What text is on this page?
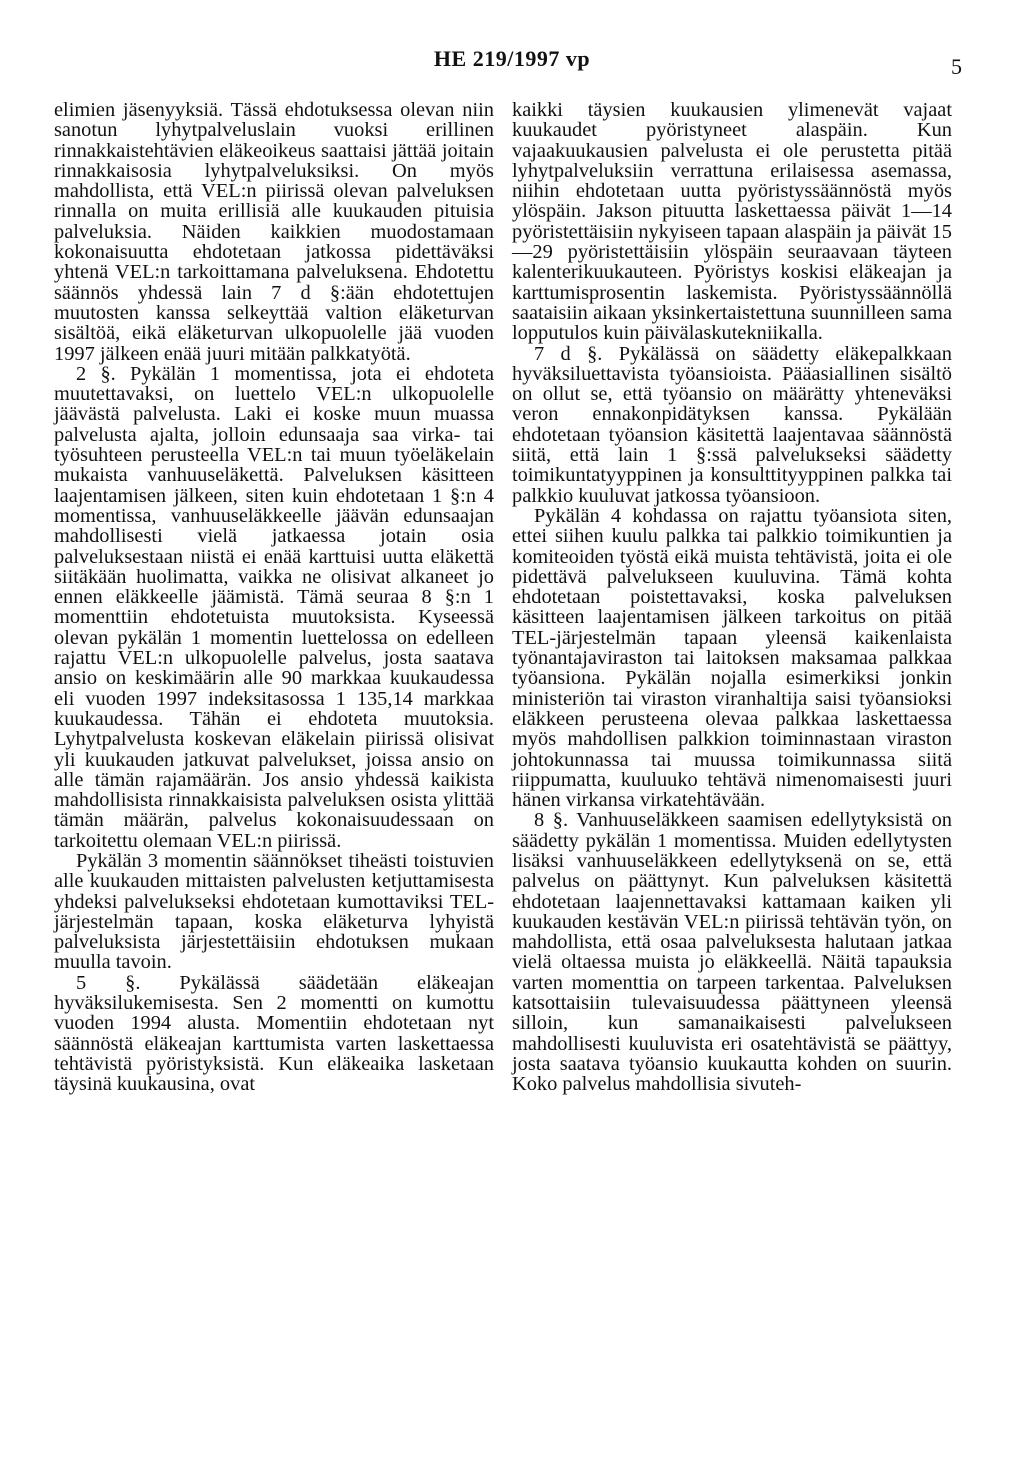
HE 219/1997 vp	5

elimien jäsenyyksiä. Tässä ehdotuksessa olevan niin sanotun lyhytpalveluslain vuoksi erillinen rinnakkaistehtävien eläkeoikeus saattaisi jättää joitain rinnakkaisosia lyhytpalveluksiksi. On myös mahdollista, että VEL:n piirissä olevan palveluksen rinnalla on muita erillisiä alle kuukauden pituisia palveluksia. Näiden kaikkien muodostamaan kokonaisuutta ehdotetaan jatkossa pidettäväksi yhtenä VEL:n tarkoittamana palveluksena. Ehdotettu säännös yhdessä lain 7 d §:ään ehdotettujen muutosten kanssa selkeyttää valtion eläketurvan sisältöä, eikä eläketurvan ulkopuolelle jää vuoden 1997 jälkeen enää juuri mitään palkkatyötä.

2 §. Pykälän 1 momentissa, jota ei ehdoteta muutettavaksi, on luettelo VEL:n ulkopuolelle jäävästä palvelusta. Laki ei koske muun muassa palvelusta ajalta, jolloin edunsaaja saa virka- tai työsuhteen perusteella VEL:n tai muun työeläkelain mukaista vanhuuseläkettä. Palveluksen käsitteen laajentamisen jälkeen, siten kuin ehdotetaan 1 §:n 4 momentissa, vanhuuseläkkeelle jäävän edunsaajan mahdollisesti vielä jatkaessa jotain osia palveluksestaan niistä ei enää karttuisi uutta eläkettä siitäkään huolimatta, vaikka ne olisivat alkaneet jo ennen eläkkeelle jäämistä. Tämä seuraa 8 §:n 1 momenttiin ehdotetuista muutoksista. Kyseessä olevan pykälän 1 momentin luettelossa on edelleen rajattu VEL:n ulkopuolelle palvelus, josta saatava ansio on keskimäärin alle 90 markkaa kuukaudessa eli vuoden 1997 indeksitasossa 1 135,14 markkaa kuukaudessa. Tähän ei ehdoteta muutoksia. Lyhytpalvelusta koskevan eläkelain piirissä olisivat yli kuukauden jatkuvat palvelukset, joissa ansio on alle tämän rajamäärän. Jos ansio yhdessä kaikista mahdollisista rinnakkaisista palveluksen osista ylittää tämän määrän, palvelus kokonaisuudessaan on tarkoitettu olemaan VEL:n piirissä.

Pykälän 3 momentin säännökset tiheästi toistuvien alle kuukauden mittaisten palvelusten ketjuttamisesta yhdeksi palvelukseksi ehdotetaan kumottaviksi TEL-järjestelmän tapaan, koska eläketurva lyhyistä palveluksista järjestettäisiin ehdotuksen mukaan muulla tavoin.

5 §. Pykälässä säädetään eläkeajan hyväksilukemisesta. Sen 2 momentti on kumottu vuoden 1994 alusta. Momentiin ehdotetaan nyt säännöstä eläkeajan karttumista varten laskettaessa tehtävistä pyöristyksistä. Kun eläkeaika lasketaan täysinä kuukausina, ovat

kaikki täysien kuukausien ylimenevät vajaat kuukaudet pyöristyneet alaspäin. Kun vajaakuukausien palvelusta ei ole perustetta pitää lyhytpalveluksiin verrattuna erilaisessa asemassa, niihin ehdotetaan uutta pyöristyssäännöstä myös ylöspäin. Jakson pituutta laskettaessa päivät 1—14 pyöristettäisiin nykyiseen tapaan alaspäin ja päivät 15—29 pyöristettäisiin ylöspäin seuraavaan täyteen kalenterikuukauteen. Pyöristys koskisi eläkeajan ja karttumisprosentin laskemista. Pyöristyssäännöllä saataisiin aikaan yksinkertaistettuna suunnilleen sama lopputulos kuin päivälaskutekniikalla.

7 d §. Pykälässä on säädetty eläkepalkkaan hyväksiluettavista työansioista. Pääasiallinen sisältö on ollut se, että työansio on määrätty yhteneväksi veron ennakonpidätyksen kanssa. Pykälään ehdotetaan työansion käsitettä laajentavaa säännöstä siitä, että lain 1 §:ssä palvelukseksi säädetty toimikuntatyyppinen ja konsulttityyppinen palkka tai palkkio kuuluvat jatkossa työansioon.

Pykälän 4 kohdassa on rajattu työansiota siten, ettei siihen kuulu palkka tai palkkio toimikuntien ja komiteoiden työstä eikä muista tehtävistä, joita ei ole pidettävä palvelukseen kuuluvina. Tämä kohta ehdotetaan poistettavaksi, koska palveluksen käsitteen laajentamisen jälkeen tarkoitus on pitää TEL-järjestelmän tapaan yleensä kaikenlaista työnantajaviraston tai laitoksen maksamaa palkkaa työansiona. Pykälän nojalla esimerkiksi jonkin ministeriön tai viraston viranhaltija saisi työansioksi eläkkeen perusteena olevaa palkkaa laskettaessa myös mahdollisen palkkion toiminnastaan viraston johtokunnassa tai muussa toimikunnassa siitä riippumatta, kuuluuko tehtävä nimenomaisesti juuri hänen virkansa virkatehtävään.

8 §. Vanhuuseläkkeen saamisen edellytyksistä on säädetty pykälän 1 momentissa. Muiden edellytysten lisäksi vanhuuseläkkeen edellytyksenä on se, että palvelus on päättynyt. Kun palveluksen käsitettä ehdotetaan laajennettavaksi kattamaan kaiken yli kuukauden kestävän VEL:n piirissä tehtävän työn, on mahdollista, että osaa palveluksesta halutaan jatkaa vielä oltaessa muista jo eläkkeellä. Näitä tapauksia varten momenttia on tarpeen tarkentaa. Palveluksen katsottaisiin tulevaisuudessa päättyneen yleensä silloin, kun samanaikaisesti palvelukseen mahdollisesti kuuluvista eri osatehtävistä se päättyy, josta saatava työansio kuukautta kohden on suurin. Koko palvelus mahdollisia sivuteh-
